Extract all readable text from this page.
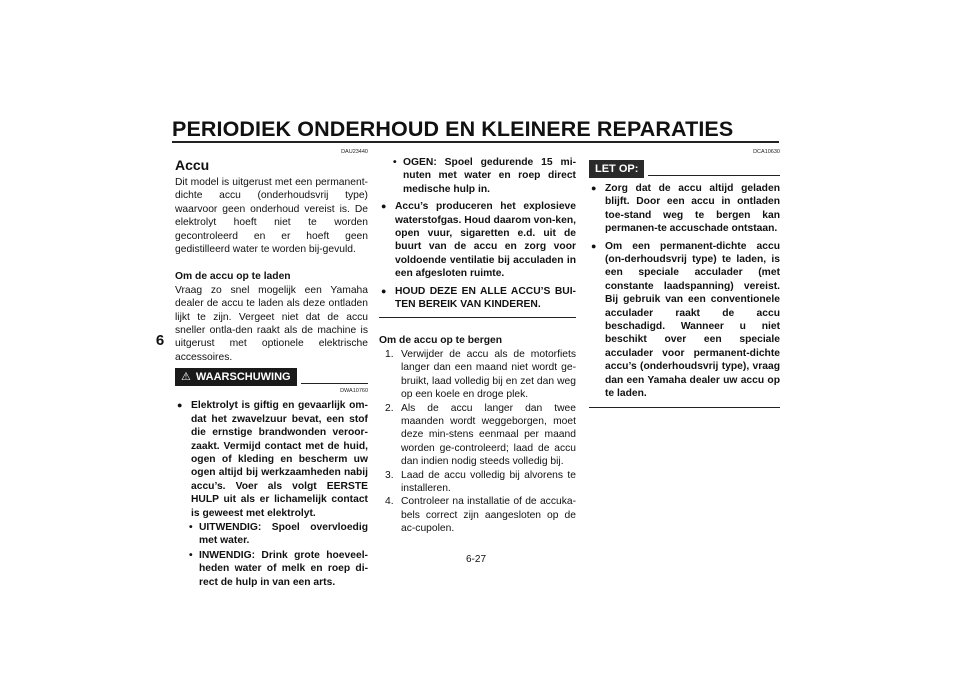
PERIODIEK ONDERHOUD EN KLEINERE REPARATIES
6
DAU23440
Accu

Dit model is uitgerust met een permanent-dichte accu (onderhoudsvrij type) waarvoor geen onderhoud vereist is. De elektrolyt hoeft niet te worden gecontroleerd en er hoeft geen gedistilleerd water te worden bij-gevuld.

Om de accu op te laden

Vraag zo snel mogelijk een Yamaha dealer de accu te laden als deze ontladen lijkt te zijn. Vergeet niet dat de accu sneller ontla-den raakt als de machine is uitgerust met optionele elektrische accessoires.

⚠ WAARSCHUWING
DWA10760
● Elektrolyt is giftig en gevaarlijk om-dat het zwavelzuur bevat, een stof die ernstige brandwonden veroor-zaakt. Vermijd contact met de huid, ogen of kleding en bescherm uw ogen altijd bij werkzaamheden nabij accu’s. Voer als volgt EERSTE HULP uit als er lichamelijk contact is geweest met elektrolyt.
• UITWENDIG: Spoel overvloedig met water.
• INWENDIG: Drink grote hoeveel-heden water of melk en roep di-rect de hulp in van een arts.
• OGEN: Spoel gedurende 15 mi-nuten met water en roep direct medische hulp in.
● Accu’s produceren het explosieve waterstofgas. Houd daarom von-ken, open vuur, sigaretten e.d. uit de buurt van de accu en zorg voor voldoende ventilatie bij acculaden in een afgesloten ruimte.
● HOUD DEZE EN ALLE ACCU’S BUI-TEN BEREIK VAN KINDEREN.
Om de accu op te bergen
1. Verwijder de accu als de motorfiets langer dan een maand niet wordt ge-bruikt, laad volledig bij en zet dan weg op een koele en droge plek.
2. Als de accu langer dan twee maanden wordt weggeborgen, moet deze min-stens eenmaal per maand worden ge-controleerd; laad de accu dan indien nodig steeds volledig bij.
3. Laad de accu volledig bij alvorens te installeren.
4. Controleer na installatie of de accuka-bels correct zijn aangesloten op de ac-cupolen.
DCA10630
LET OP:
● Zorg dat de accu altijd geladen blijft. Door een accu in ontladen toe-stand weg te bergen kan permanen-te accuschade ontstaan.
● Om een permanent-dichte accu (on-derhoudsvrij type) te laden, is een speciale acculader (met constante laadspanning) vereist. Bij gebruik van een conventionele acculader raakt de accu beschadigd. Wanneer u niet beschikt over een speciale acculader voor permanent-dichte accu’s (onderhoudsvrij type), vraag dan een Yamaha dealer uw accu op te laden.
6-27
